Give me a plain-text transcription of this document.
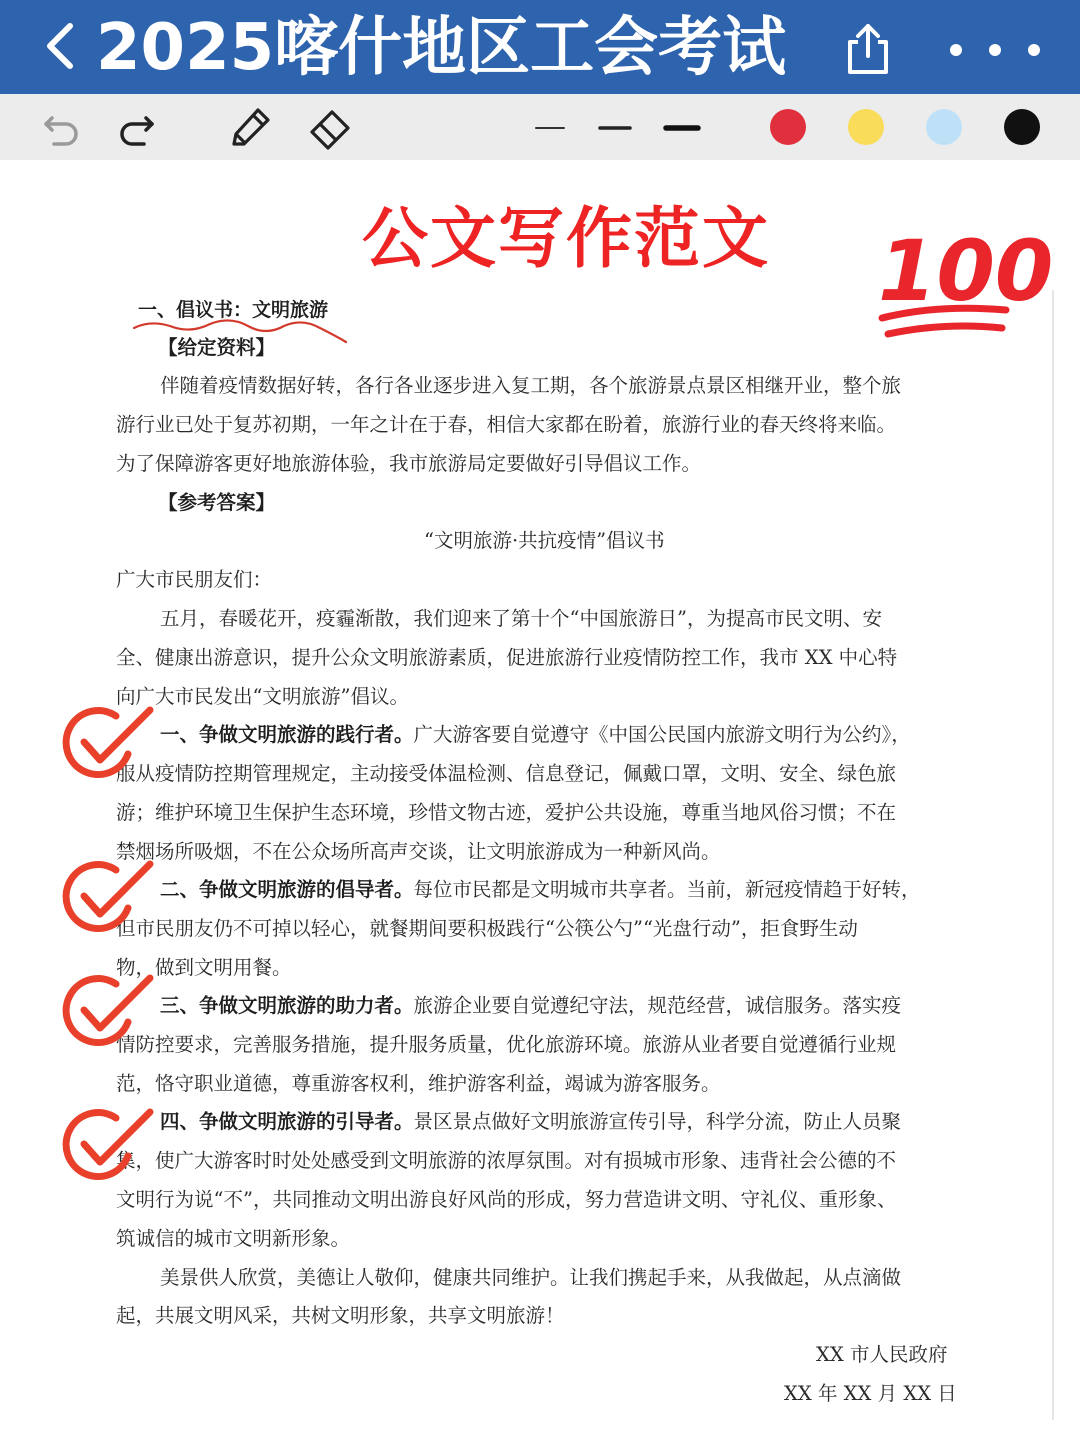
2025喀什地区工会考试
公文写作范文 100
一、倡议书：文明旅游
【给定资料】
伴随着疫情数据好转，各行各业逐步进入复工期，各个旅游景点景区相继开业，整个旅
游行业已处于复苏初期，一年之计在于春，相信大家都在盼着，旅游行业的春天终将来临。
为了保障游客更好地旅游体验，我市旅游局定要做好引导倡议工作。
【参考答案】
“文明旅游·共抗疫情”倡议书
广大市民朋友们：
五月，春暖花开，疫霾渐散，我们迎来了第十个“中国旅游日”，为提高市民文明、安
全、健康出游意识，提升公众文明旅游素质，促进旅游行业疫情防控工作，我市 XX 中心特
向广大市民发出“文明旅游”倡议。
一、争做文明旅游的践行者。广大游客要自觉遵守《中国公民国内旅游文明行为公约》，
服从疫情防控期管理规定，主动接受体温检测、信息登记，佩戴口罩，文明、安全、绿色旅
游；维护环境卫生保护生态环境，珍惜文物古迹，爱护公共设施，尊重当地风俗习惯；不在
禁烟场所吸烟，不在公众场所高声交谈，让文明旅游成为一种新风尚。
二、争做文明旅游的倡导者。每位市民都是文明城市共享者。当前，新冠疫情趋于好转，
但市民朋友仍不可掉以轻心，就餐期间要积极践行“公筷公勺”“光盘行动”，拒食野生动
物，做到文明用餐。
三、争做文明旅游的助力者。旅游企业要自觉遵纪守法，规范经营，诚信服务。落实疫
情防控要求，完善服务措施，提升服务质量，优化旅游环境。旅游从业者要自觉遵循行业规
范，恪守职业道德，尊重游客权利，维护游客利益，竭诚为游客服务。
四、争做文明旅游的引导者。景区景点做好文明旅游宣传引导，科学分流，防止人员聚
集，使广大游客时时处处感受到文明旅游的浓厚氛围。对有损城市形象、违背社会公德的不
文明行为说“不”，共同推动文明出游良好风尚的形成，努力营造讲文明、守礼仪、重形象、
筑诚信的城市文明新形象。
美景供人欣赏，美德让人敬仰，健康共同维护。让我们携起手来，从我做起，从点滴做
起，共展文明风采，共树文明形象，共享文明旅游！
XX 市人民政府
XX 年 XX 月 XX 日
